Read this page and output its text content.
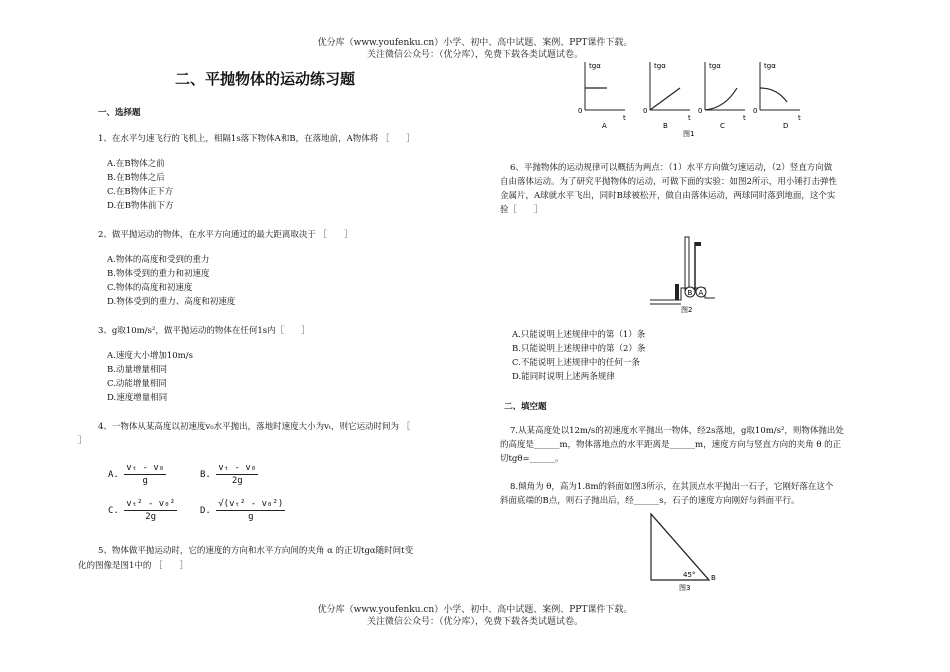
优分库（www.youfenku.cn）小学、初中、高中试题、案例、PPT课件下载。
关注微信公众号：（优分库），免费下载各类试题试卷。
二、平抛物体的运动练习题
一、选择题
1、在水平匀速飞行的飞机上，相隔1s落下物体A和B，在落地前，A物体将 ［　　］
A.在B物体之前
B.在B物体之后
C.在B物体正下方
D.在B物体前下方
2、做平抛运动的物体，在水平方向通过的最大距离取决于 ［　　］
A.物体的高度和受到的重力
B.物体受到的重力和初速度
C.物体的高度和初速度
D.物体受到的重力、高度和初速度
3、g取10m/s²，做平抛运动的物体在任何1s内［　　］
A.速度大小增加10m/s
B.动量增量相同
C.动能增量相同
D.速度增量相同
4、一物体从某高度以初速度v₀水平抛出，落地时速度大小为vₜ，则它运动时间为 ［
］
A. $\frac{\text{vₜ - v₀}}{g}$	B. $\frac{\text{vₜ - v₀}}{2g}$
C. $\frac{\text{vₜ² - v₀²}}{2g}$	D. $\frac{\text{√(vₜ² - v₀²)}}{g}$
5、物体做平抛运动时，它的速度的方向和水平方向间的夹角 α 的正切tgα随时间t变
化的图像是图1中的 ［　　］
tgα
t
0
A
tgα
t
0
B
tgα
t
0
C
tgα
t
0
D
图1
6、平抛物体的运动规律可以概括为两点：（1）水平方向做匀速运动，（2）竖直方向做
自由落体运动。为了研究平抛物体的运动，可做下面的实验：如图2所示，用小锤打击弹性
金属片，A球就水平飞出，同时B球被松开，做自由落体运动，两球同时落到地面，这个实
验［　　］
B A
图2
A.只能说明上述规律中的第（1）条
B.只能说明上述规律中的第（2）条
C.不能说明上述规律中的任何一条
D.能同时说明上述两条规律
二、填空题
7.从某高度处以12m/s的初速度水平抛出一物体，经2s落地，g取10m/s²，则物体抛出处
的高度是______m，物体落地点的水平距离是______m，速度方向与竖直方向的夹角 θ 的正
切tgθ=______。
8.倾角为 θ，高为1.8m的斜面如图3所示，在其顶点水平抛出一石子，它刚好落在这个
斜面底端的B点，则石子抛出后，经______s，石子的速度方向刚好与斜面平行。
45° B
图3
优分库（www.youfenku.cn）小学、初中、高中试题、案例、PPT课件下载。
关注微信公众号：（优分库），免费下载各类试题试卷。
